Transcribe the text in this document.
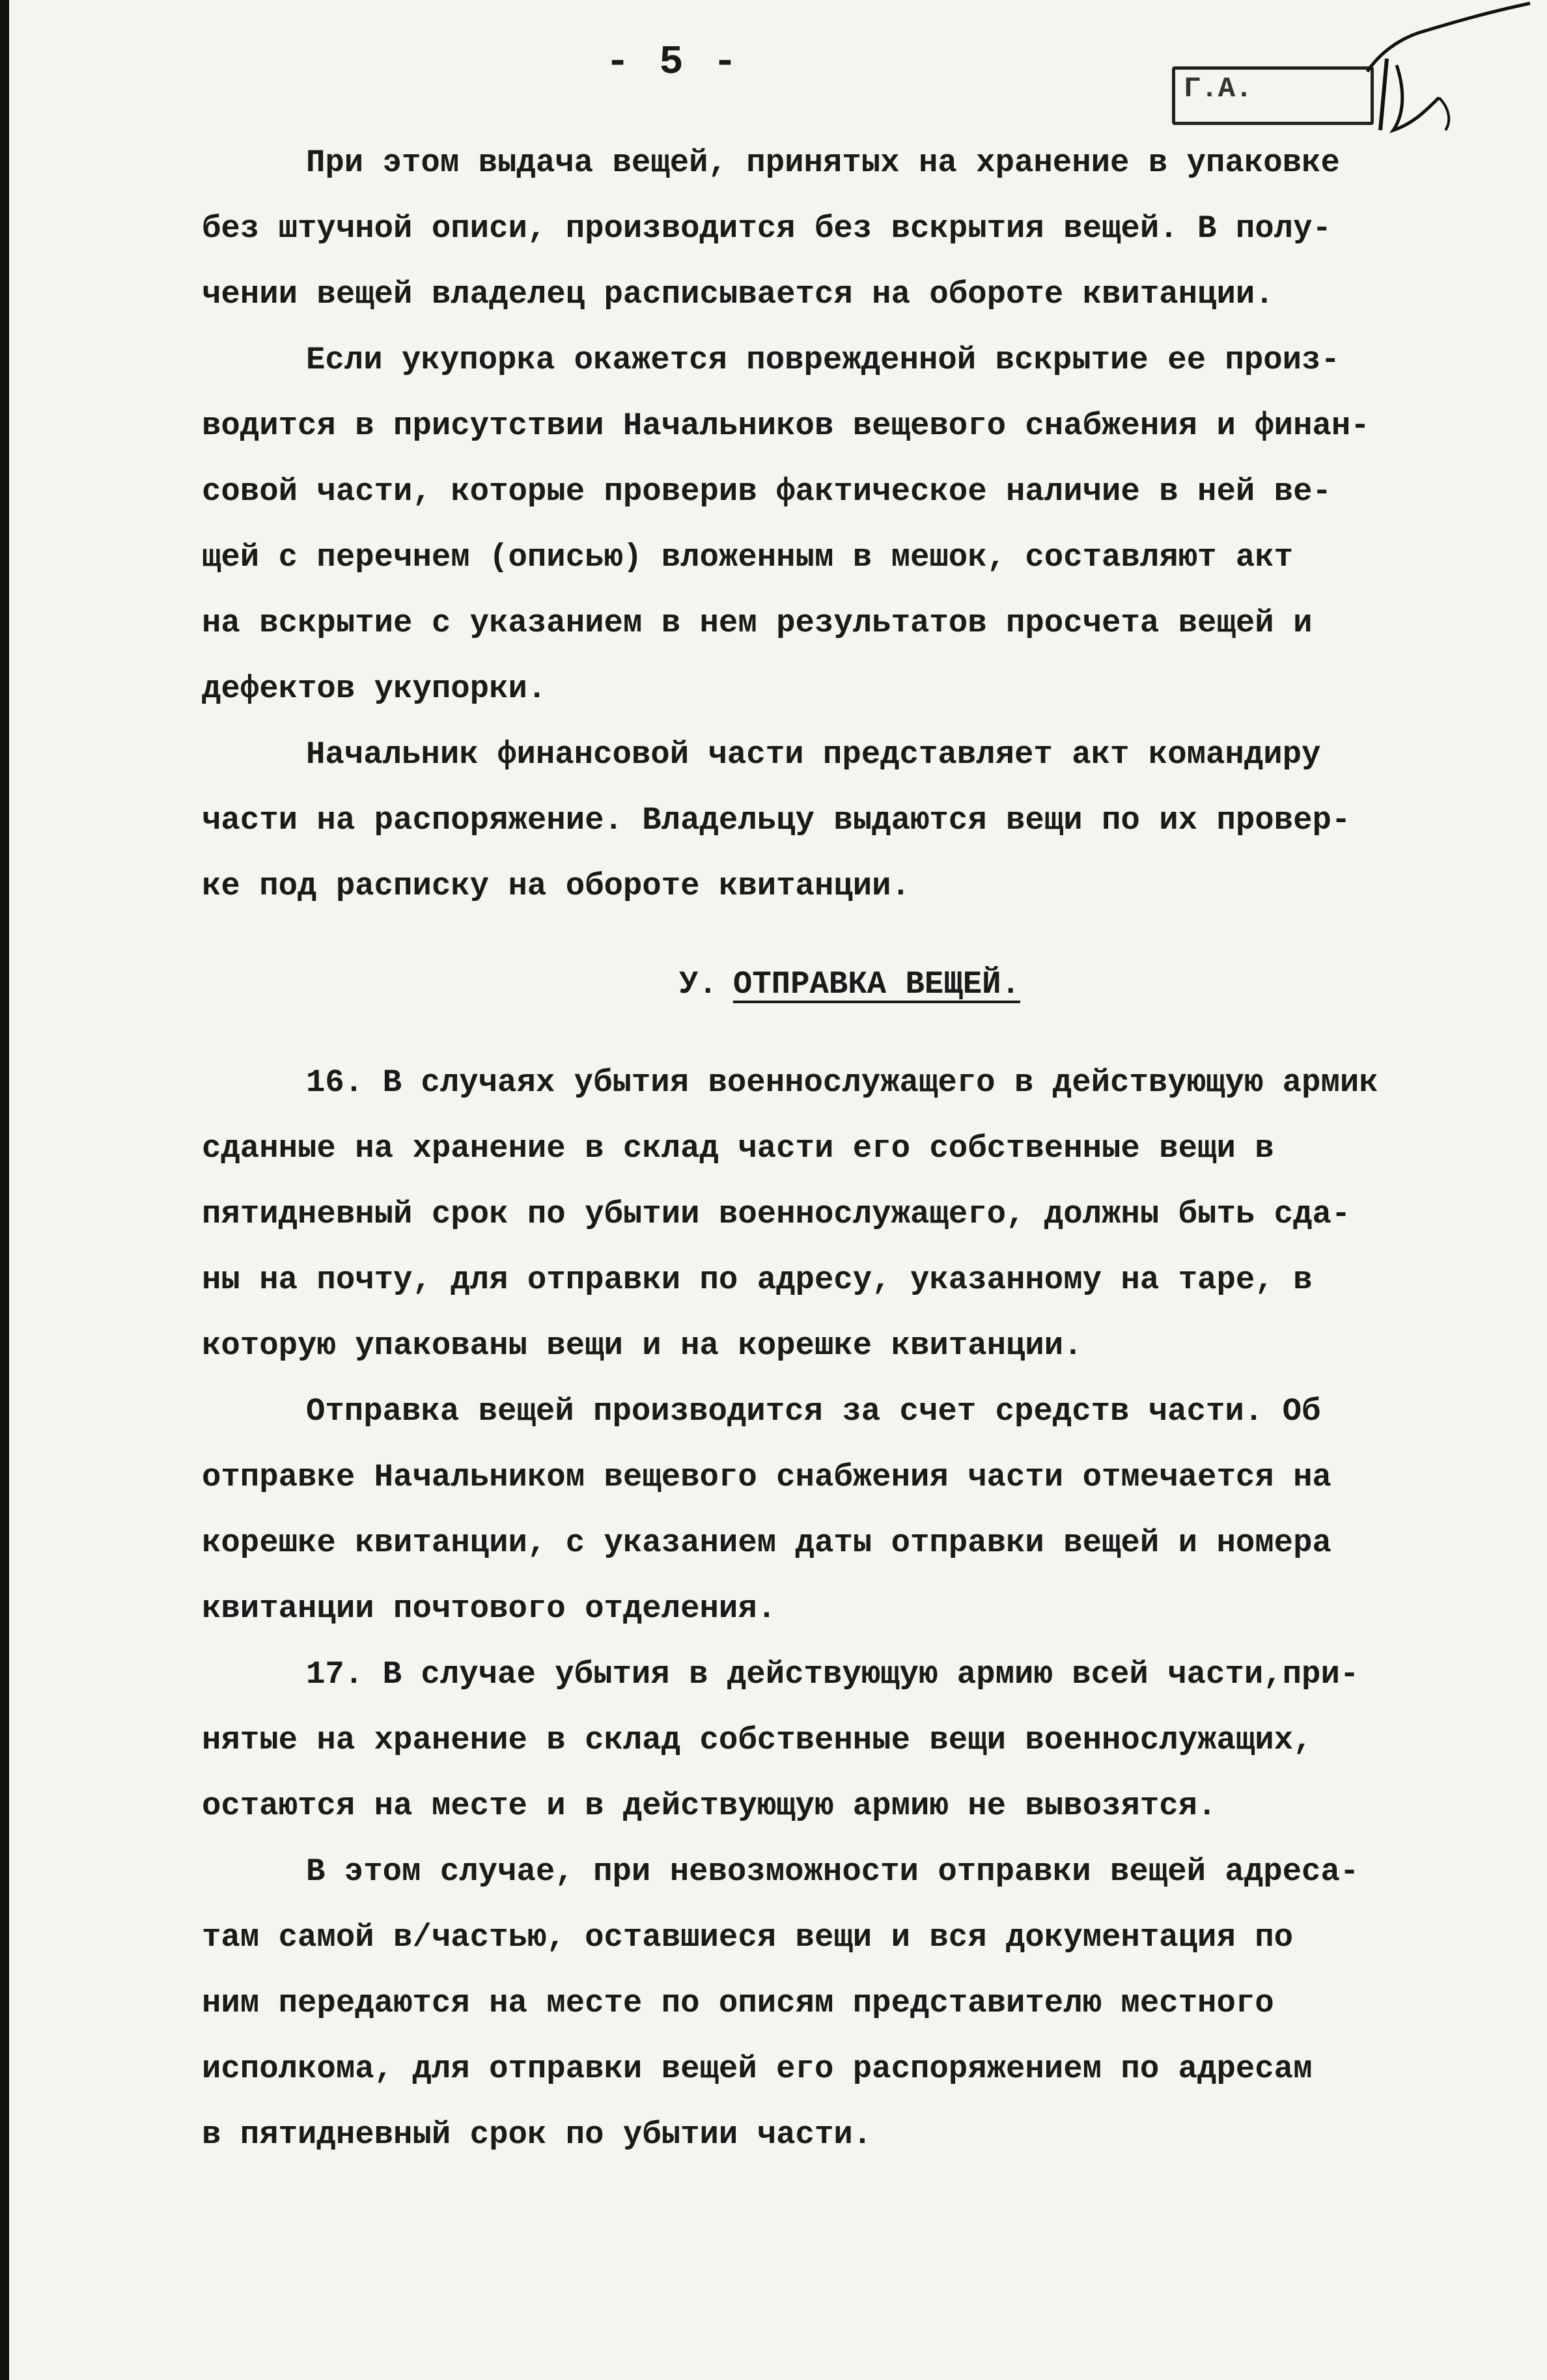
- 5 -
Г.А.
При этом выдача вещей, принятых на хранение в упаковке
без штучной описи, производится без вскрытия вещей. В полу-
чении вещей владелец расписывается на обороте квитанции.
Если укупорка окажется поврежденной вскрытие ее произ-
водится в присутствии Начальников вещевого снабжения и финан-
совой части, которые проверив фактическое наличие в ней ве-
щей с перечнем (описью) вложенным в мешок, составляют акт
на вскрытие с указанием в нем результатов просчета вещей и
дефектов укупорки.
Начальник финансовой части представляет акт командиру
части на распоряжение. Владельцу выдаются вещи по их провер-
ке под расписку на обороте квитанции.
У. ОТПРАВКА ВЕЩЕЙ.
16. В случаях убытия военнослужащего в действующую армик
сданные на хранение в склад части его собственные вещи в
пятидневный срок по убытии военнослужащего, должны быть сда-
ны на почту, для отправки по адресу, указанному на таре, в
которую упакованы вещи и на корешке квитанции.
Отправка вещей производится за счет средств части. Об
отправке Начальником вещевого снабжения части отмечается на
корешке квитанции, с указанием даты отправки вещей и номера
квитанции почтового отделения.
17. В случае убытия в действующую армию всей части,при-
нятые на хранение в склад собственные вещи военнослужащих,
остаются на месте и в действующую армию не вывозятся.
В этом случае, при невозможности отправки вещей адреса-
там самой в/частью, оставшиеся вещи и вся документация по
ним передаются на месте по описям представителю местного
исполкома, для отправки вещей его распоряжением по адресам
в пятидневный срок по убытии части.
